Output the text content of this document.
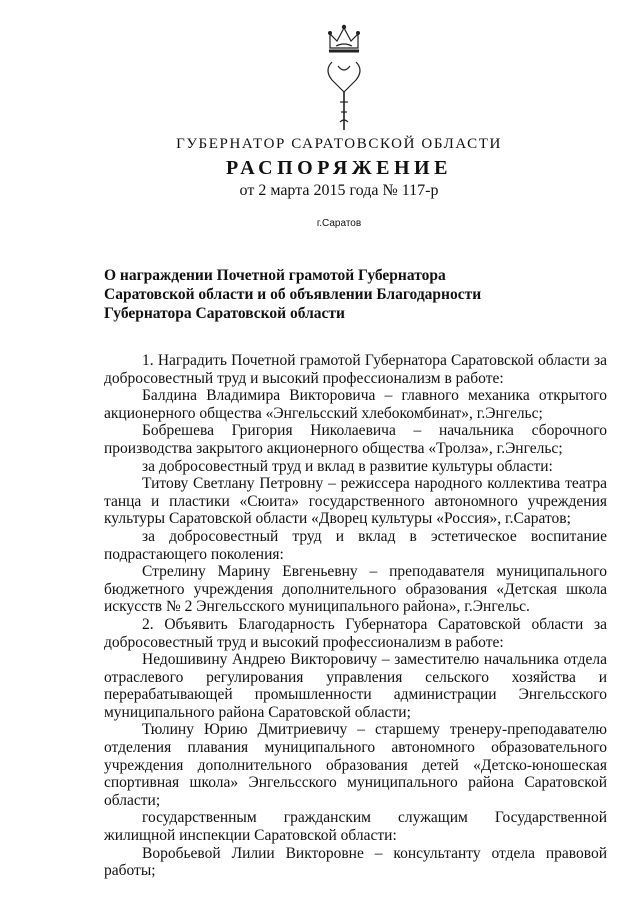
ГУБЕРНАТОР САРАТОВСКОЙ ОБЛАСТИ
РАСПОРЯЖЕНИЕ
от 2 марта 2015 года № 117-р
г.Саратов
О награждении Почетной грамотой Губернатора
Саратовской области и об объявлении Благодарности
Губернатора Саратовской области

1. Наградить Почетной грамотой Губернатора Саратовской области за добросовестный труд и высокий профессионализм в работе:

Балдина Владимира Викторовича – главного механика открытого акционерного общества «Энгельсский хлебокомбинат», г.Энгельс;

Бобрешева Григория Николаевича – начальника сборочного производства закрытого акционерного общества «Тролза», г.Энгельс;

за добросовестный труд и вклад в развитие культуры области:

Титову Светлану Петровну – режиссера народного коллектива театра танца и пластики «Сюита» государственного автономного учреждения культуры Саратовской области «Дворец культуры «Россия», г.Саратов;

за добросовестный труд и вклад в эстетическое воспитание подрастающего поколения:

Стрелину Марину Евгеньевну – преподавателя муниципального бюджетного учреждения дополнительного образования «Детская школа искусств № 2 Энгельсского муниципального района», г.Энгельс.

2. Объявить Благодарность Губернатора Саратовской области за добросовестный труд и высокий профессионализм в работе:

Недошивину Андрею Викторовичу – заместителю начальника отдела отраслевого регулирования управления сельского хозяйства и перерабатывающей промышленности администрации Энгельсского муниципального района Саратовской области;

Тюлину Юрию Дмитриевичу – старшему тренеру-преподавателю отделения плавания муниципального автономного образовательного учреждения дополнительного образования детей «Детско-юношеская спортивная школа» Энгельсского муниципального района Саратовской области;

государственным гражданским служащим Государственной жилищной инспекции Саратовской области:

Воробьевой Лилии Викторовне – консультанту отдела правовой работы;
